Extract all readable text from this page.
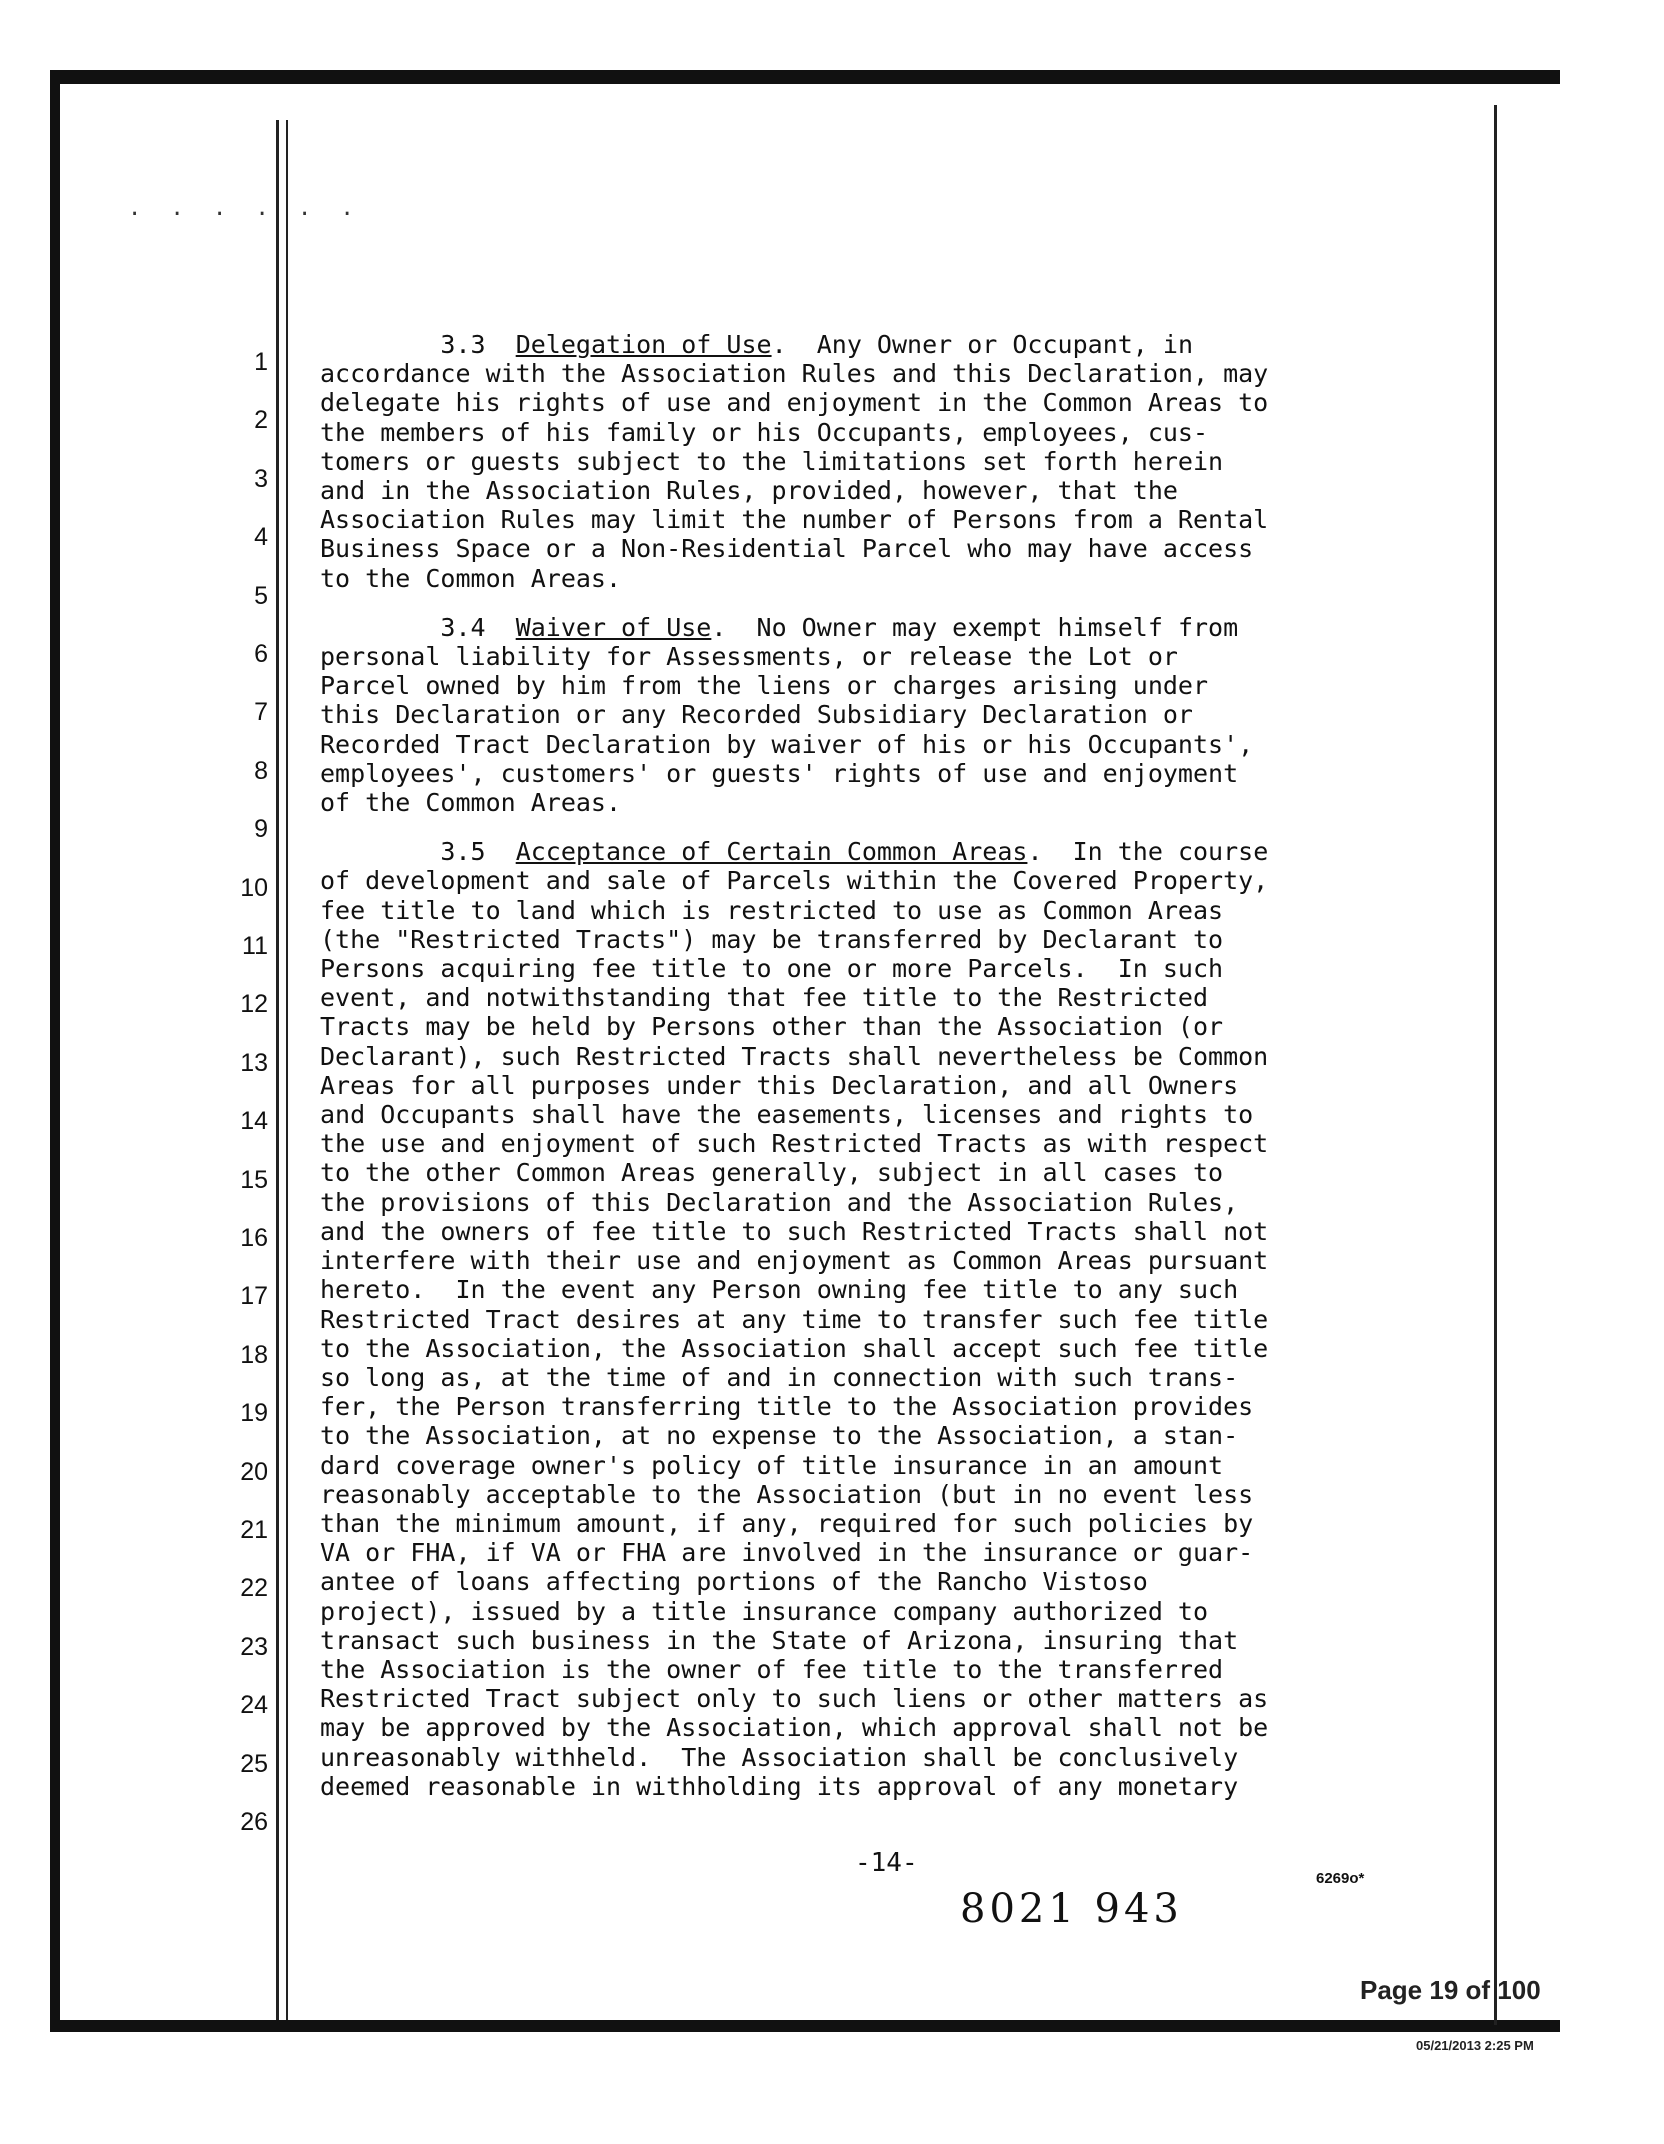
. . . . . .
1
2
3
4
5
6
7
8
9
10
11
12
13
14
15
16
17
18
19
20
21
22
23
24
25
26
3.3 Delegation of Use.  Any Owner or Occupant, in
accordance with the Association Rules and this Declaration, may
delegate his rights of use and enjoyment in the Common Areas to
the members of his family or his Occupants, employees, cus-
tomers or guests subject to the limitations set forth herein
and in the Association Rules, provided, however, that the
Association Rules may limit the number of Persons from a Rental
Business Space or a Non-Residential Parcel who may have access
to the Common Areas.
3.4 Waiver of Use.  No Owner may exempt himself from
personal liability for Assessments, or release the Lot or
Parcel owned by him from the liens or charges arising under
this Declaration or any Recorded Subsidiary Declaration or
Recorded Tract Declaration by waiver of his or his Occupants',
employees', customers' or guests' rights of use and enjoyment
of the Common Areas.
3.5 Acceptance of Certain Common Areas.  In the course
of development and sale of Parcels within the Covered Property,
fee title to land which is restricted to use as Common Areas
(the "Restricted Tracts") may be transferred by Declarant to
Persons acquiring fee title to one or more Parcels.  In such
event, and notwithstanding that fee title to the Restricted
Tracts may be held by Persons other than the Association (or
Declarant), such Restricted Tracts shall nevertheless be Common
Areas for all purposes under this Declaration, and all Owners
and Occupants shall have the easements, licenses and rights to
the use and enjoyment of such Restricted Tracts as with respect
to the other Common Areas generally, subject in all cases to
the provisions of this Declaration and the Association Rules,
and the owners of fee title to such Restricted Tracts shall not
interfere with their use and enjoyment as Common Areas pursuant
hereto.  In the event any Person owning fee title to any such
Restricted Tract desires at any time to transfer such fee title
to the Association, the Association shall accept such fee title
so long as, at the time of and in connection with such trans-
fer, the Person transferring title to the Association provides
to the Association, at no expense to the Association, a stan-
dard coverage owner's policy of title insurance in an amount
reasonably acceptable to the Association (but in no event less
than the minimum amount, if any, required for such policies by
VA or FHA, if VA or FHA are involved in the insurance or guar-
antee of loans affecting portions of the Rancho Vistoso
project), issued by a title insurance company authorized to
transact such business in the State of Arizona, insuring that
the Association is the owner of fee title to the transferred
Restricted Tract subject only to such liens or other matters as
may be approved by the Association, which approval shall not be
unreasonably withheld.  The Association shall be conclusively
deemed reasonable in withholding its approval of any monetary
-14-
8021 943
6269o*
Page 19 of 100
05/21/2013 2:25 PM
